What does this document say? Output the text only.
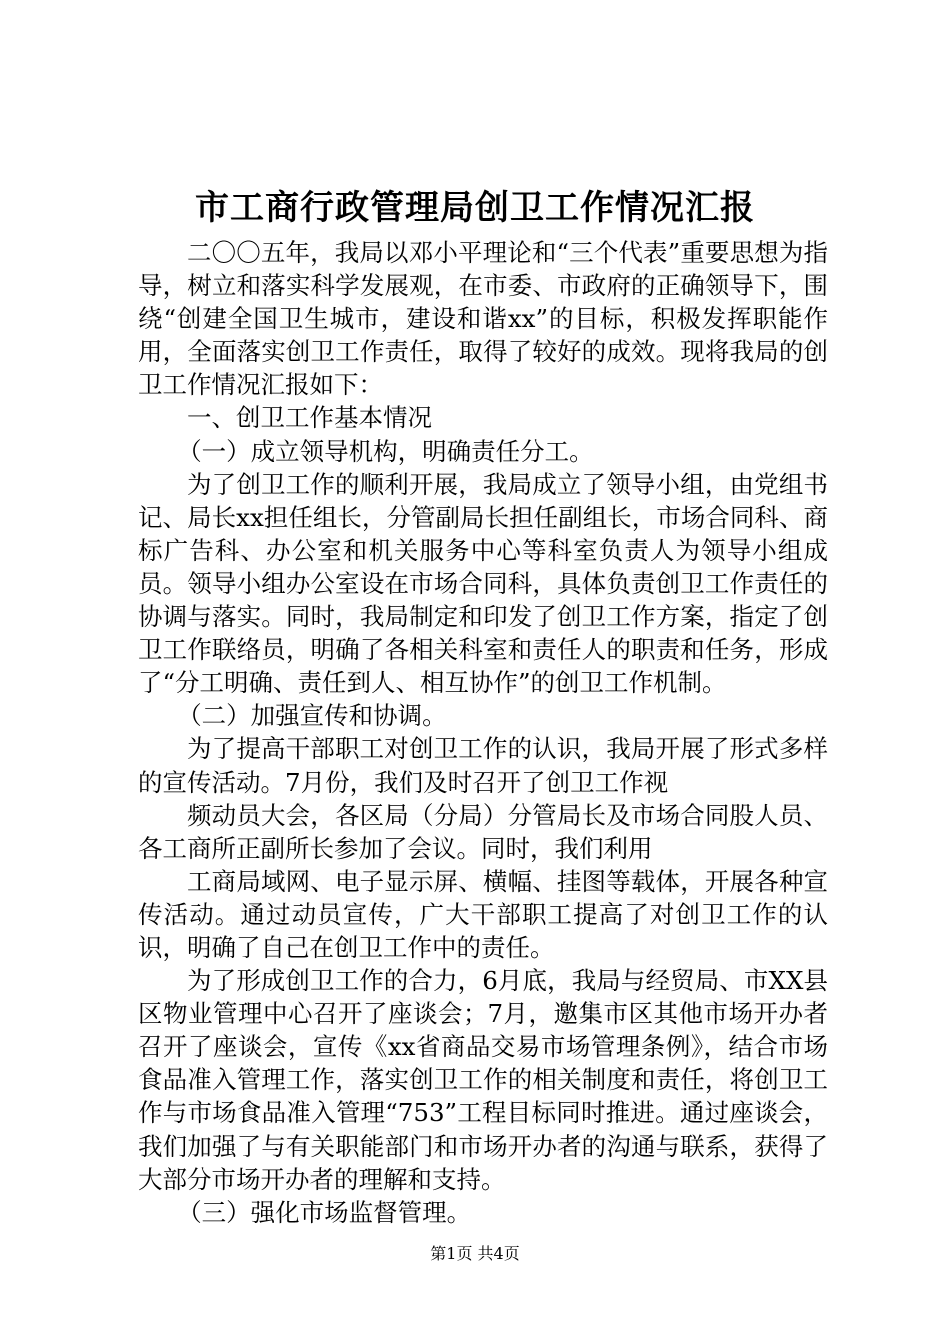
市工商行政管理局创卫工作情况汇报

二〇〇五年，我局以邓小平理论和“三个代表”重要思想为指导，树立和落实科学发展观，在市委、市政府的正确领导下，围绕“创建全国卫生城市，建设和谐xx”的目标，积极发挥职能作用，全面落实创卫工作责任，取得了较好的成效。现将我局的创卫工作情况汇报如下：

一、创卫工作基本情况

（一）成立领导机构，明确责任分工。

为了创卫工作的顺利开展，我局成立了领导小组，由党组书记、局长xx担任组长，分管副局长担任副组长，市场合同科、商标广告科、办公室和机关服务中心等科室负责人为领导小组成员。领导小组办公室设在市场合同科，具体负责创卫工作责任的协调与落实。同时，我局制定和印发了创卫工作方案，指定了创卫工作联络员，明确了各相关科室和责任人的职责和任务，形成了“分工明确、责任到人、相互协作”的创卫工作机制。

（二）加强宣传和协调。

为了提高干部职工对创卫工作的认识，我局开展了形式多样的宣传活动。7月份，我们及时召开了创卫工作视

频动员大会，各区局（分局）分管局长及市场合同股人员、各工商所正副所长参加了会议。同时，我们利用

工商局域网、电子显示屏、横幅、挂图等载体，开展各种宣传活动。通过动员宣传，广大干部职工提高了对创卫工作的认识，明确了自己在创卫工作中的责任。

为了形成创卫工作的合力，6月底，我局与经贸局、市XX县区物业管理中心召开了座谈会；7月，邀集市区其他市场开办者召开了座谈会，宣传《xx省商品交易市场管理条例》，结合市场食品准入管理工作，落实创卫工作的相关制度和责任，将创卫工作与市场食品准入管理“753”工程目标同时推进。通过座谈会，我们加强了与有关职能部门和市场开办者的沟通与联系，获得了大部分市场开办者的理解和支持。

（三）强化市场监督管理。

第1页 共4页
